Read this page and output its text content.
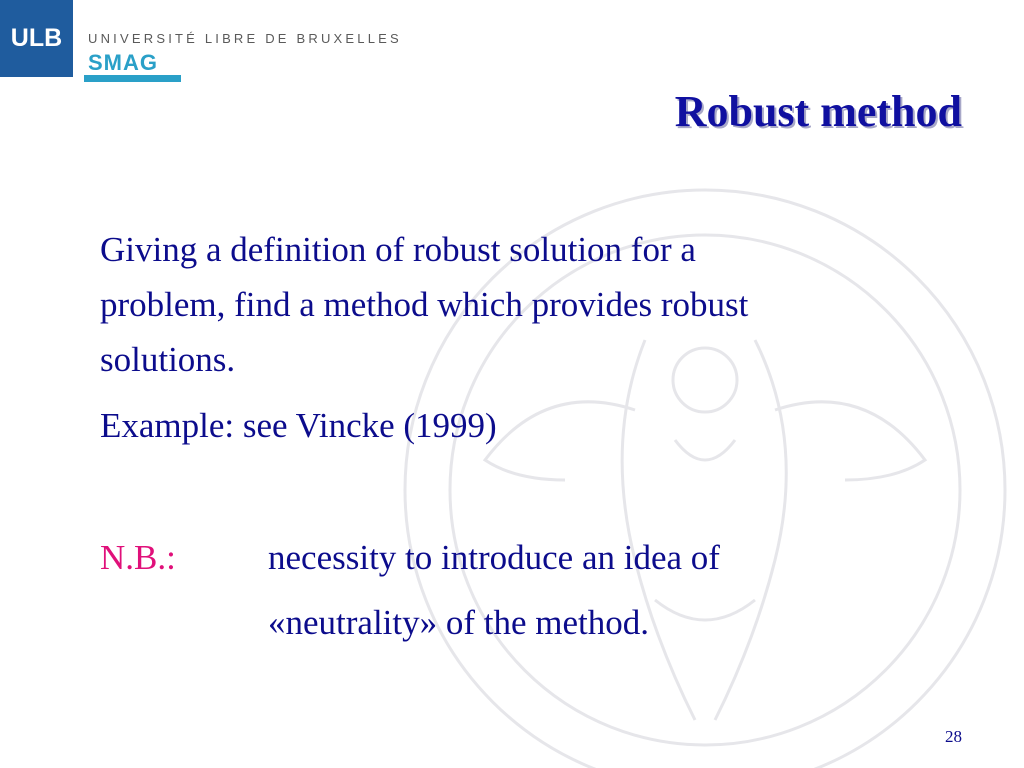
ULB UNIVERSITÉ LIBRE DE BRUXELLES
SMAG
Robust method
Giving a definition of robust solution for a
problem, find a method which provides robust
solutions.
Example: see Vincke (1999)
N.B.:	necessity to introduce an idea of
«neutrality» of the method.
28
